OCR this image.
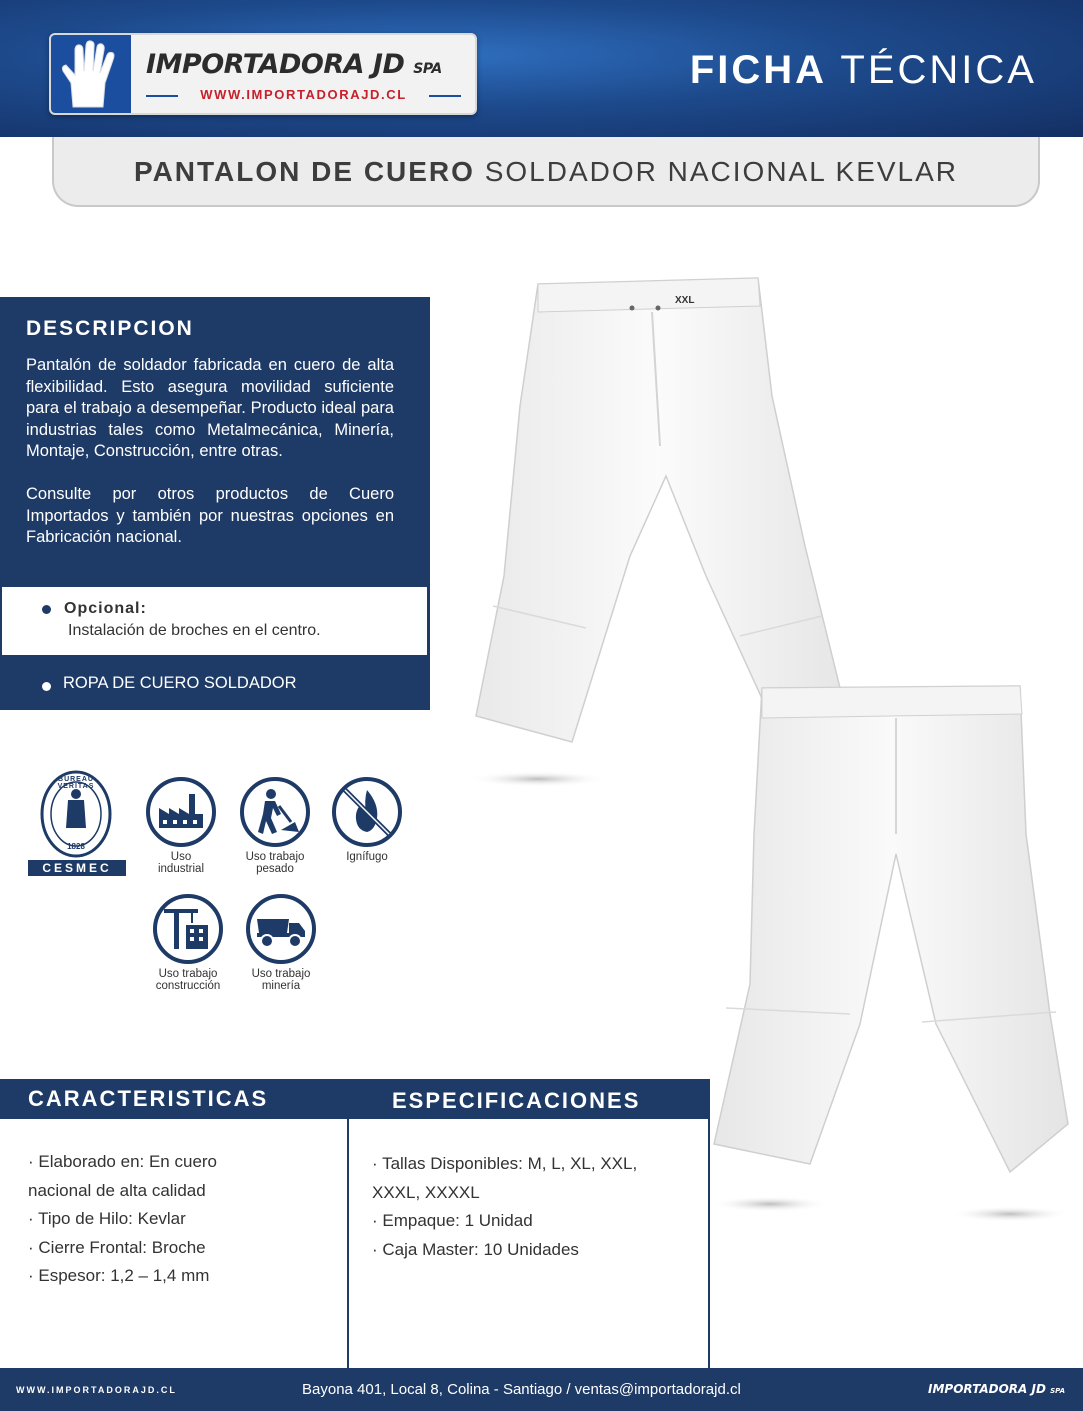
IMPORTADORA JD SPA
WWW.IMPORTADORAJD.CL
FICHA TÉCNICA
PANTALON DE CUERO SOLDADOR NACIONAL KEVLAR
DESCRIPCION

Pantalón de soldador fabricada en cuero de alta flexibilidad. Esto asegura movilidad suficiente para el trabajo a desempeñar. Producto ideal para industrias tales como Metalmecánica, Minería, Montaje, Construcción, entre otras.

Consulte por otros productos de Cuero Importados y también por nuestras opciones en Fabricación nacional.

Opcional:
Instalación de broches en el centro.
ROPA DE CUERO SOLDADOR
BUREAU VERITAS
1828
CESMEC
Uso
industrial
Uso trabajo
pesado
Ignífugo
Uso trabajo
construcción
Uso trabajo
minería
XXL
CARACTERISTICAS	ESPECIFICACIONES
· Elaborado en: En cuero
nacional de alta calidad
· Tipo de Hilo: Kevlar
· Cierre Frontal: Broche
· Espesor: 1,2 – 1,4 mm
· Tallas Disponibles: M, L, XL, XXL,
XXXL, XXXXL
· Empaque: 1 Unidad
· Caja Master: 10 Unidades
WWW.IMPORTADORAJD.CL	Bayona 401, Local 8, Colina - Santiago / ventas@importadorajd.cl	IMPORTADORA JD SPA
